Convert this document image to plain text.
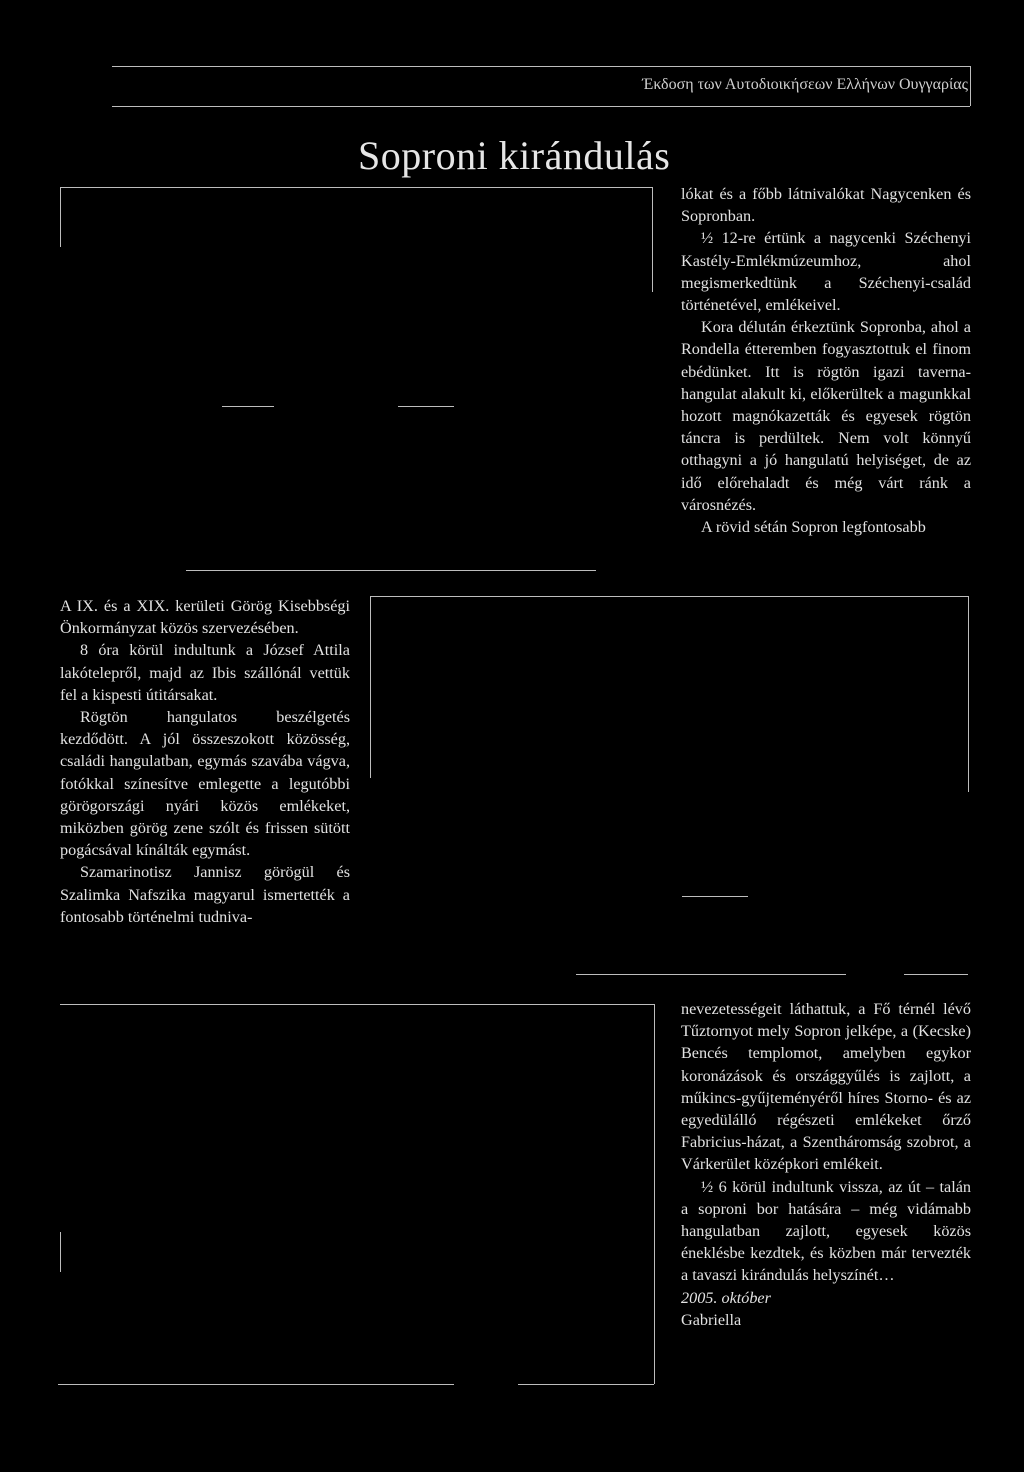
Έκδοση των Αυτοδιοικήσεων Ελλήνων Ουγγαρίας
Soproni kirándulás

lókat és a főbb látnivalókat Nagycenken és Sopronban.

½ 12-re értünk a nagycenki Széchenyi Kastély-Emlékmúzeumhoz, ahol megismerkedtünk a Széchenyi-család történetével, emlékeivel.

Kora délután érkeztünk Sopronba, ahol a Rondella étteremben fogyasztottuk el finom ebédünket. Itt is rögtön igazi taverna-hangulat alakult ki, előkerültek a magunkkal hozott magnókazetták és egyesek rögtön táncra is perdültek. Nem volt könnyű otthagyni a jó hangulatú helyiséget, de az idő előrehaladt és még várt ránk a városnézés.

A rövid sétán Sopron legfontosabb

A IX. és a XIX. kerületi Görög Kisebbségi Önkormányzat közös szervezésében.

8 óra körül indultunk a József Attila lakótelepről, majd az Ibis szállónál vettük fel a kispesti útitársakat.

Rögtön hangulatos beszélgetés kezdődött. A jól összeszokott közösség, családi hangulatban, egymás szavába vágva, fotókkal színesítve emlegette a legutóbbi görögországi nyári közös emlékeket, miközben görög zene szólt és frissen sütött pogácsával kínálták egymást.

Szamarinotisz Jannisz görögül és Szalimka Nafszika magyarul ismertették a fontosabb történelmi tudniva-

nevezetességeit láthattuk, a Fő térnél lévő Tűztornyot mely Sopron jelképe, a (Kecske) Bencés templomot, amelyben egykor koronázások és országgyűlés is zajlott, a műkincs-gyűjteményéről híres Storno- és az egyedülálló régészeti emlékeket őrző Fabricius-házat, a Szentháromság szobrot, a Várkerület középkori emlékeit.

½ 6 körül indultunk vissza, az út – talán a soproni bor hatására – még vidámabb hangulatban zajlott, egyesek közös éneklésbe kezdtek, és közben már tervezték a tavaszi kirándulás helyszínét…

2005. október

Gabriella
